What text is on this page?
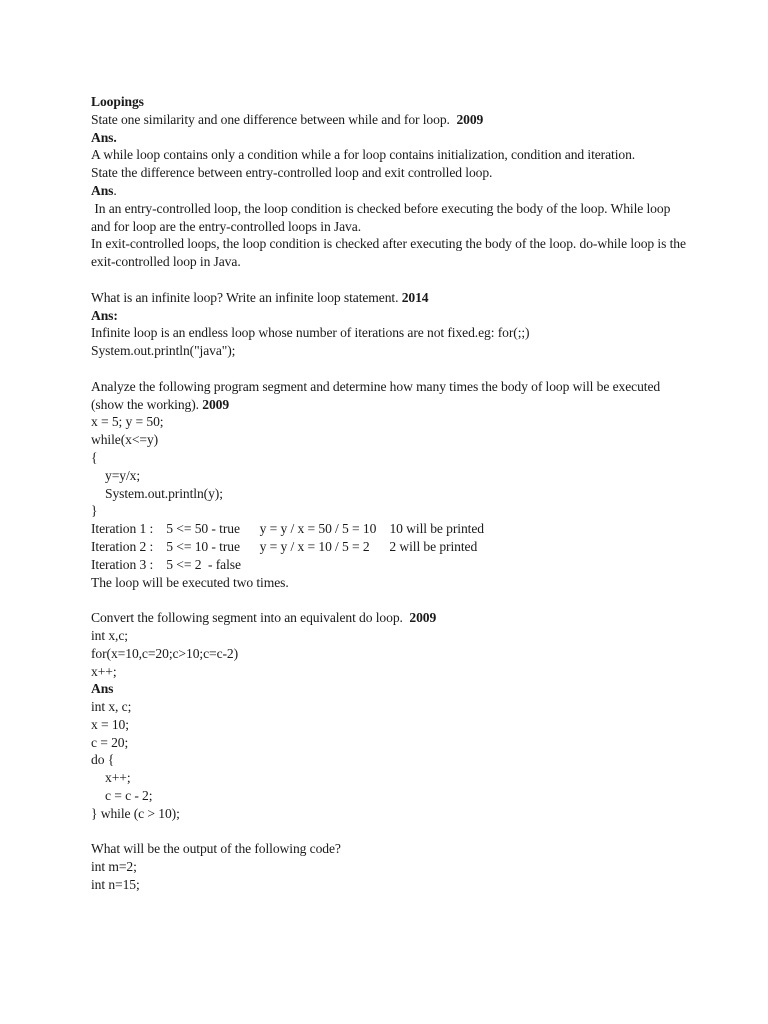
Loopings
State one similarity and one difference between while and for loop.  2009
Ans.
A while loop contains only a condition while a for loop contains initialization, condition and iteration.
State the difference between entry-controlled loop and exit controlled loop.
Ans.
In an entry-controlled loop, the loop condition is checked before executing the body of the loop. While loop and for loop are the entry-controlled loops in Java.
In exit-controlled loops, the loop condition is checked after executing the body of the loop. do-while loop is the exit-controlled loop in Java.
What is an infinite loop? Write an infinite loop statement. 2014
Ans:
Infinite loop is an endless loop whose number of iterations are not fixed.eg: for(;;)
System.out.println("java");
Analyze the following program segment and determine how many times the body of loop will be executed (show the working). 2009
x = 5; y = 50;
while(x<=y)
{
y=y/x;
System.out.println(y);
}
Iteration 1 :    5 <= 50 - true      y = y / x = 50 / 5 = 10    10 will be printed
Iteration 2 :    5 <= 10 - true      y = y / x = 10 / 5 = 2      2 will be printed
Iteration 3 :    5 <= 2  - false
The loop will be executed two times.
Convert the following segment into an equivalent do loop.  2009
int x,c;
for(x=10,c=20;c>10;c=c-2)
x++;
Ans
int x, c;
x = 10;
c = 20;
do {
x++;
c = c - 2;
} while (c > 10);
What will be the output of the following code?
int m=2;
int n=15;
